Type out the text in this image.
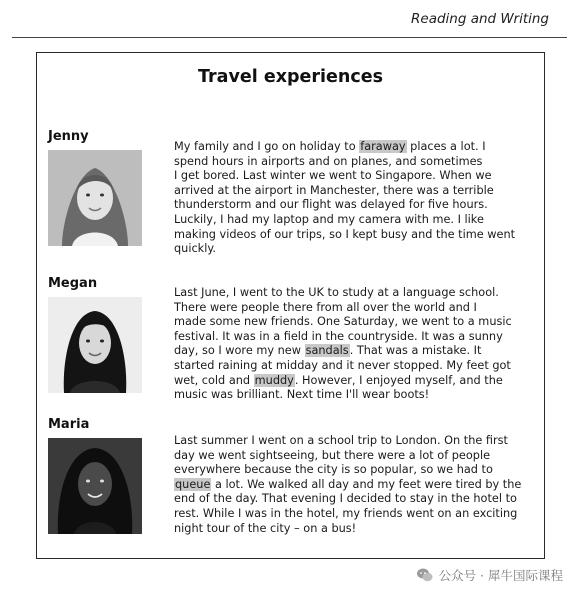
Reading and Writing
Travel experiences
Jenny
My family and I go on holiday to faraway places a lot. I
spend hours in airports and on planes, and sometimes
I get bored. Last winter we went to Singapore. When we
arrived at the airport in Manchester, there was a terrible
thunderstorm and our flight was delayed for five hours.
Luckily, I had my laptop and my camera with me. I like
making videos of our trips, so I kept busy and the time went
quickly.
Megan
Last June, I went to the UK to study at a language school.
There were people there from all over the world and I
made some new friends. One Saturday, we went to a music
festival. It was in a field in the countryside. It was a sunny
day, so I wore my new sandals. That was a mistake. It
started raining at midday and it never stopped. My feet got
wet, cold and muddy. However, I enjoyed myself, and the
music was brilliant. Next time I'll wear boots!
Maria
Last summer I went on a school trip to London. On the first
day we went sightseeing, but there were a lot of people
everywhere because the city is so popular, so we had to
queue a lot. We walked all day and my feet were tired by the
end of the day. That evening I decided to stay in the hotel to
rest. While I was in the hotel, my friends went on an exciting
night tour of the city – on a bus!
公众号 · 犀牛国际课程
